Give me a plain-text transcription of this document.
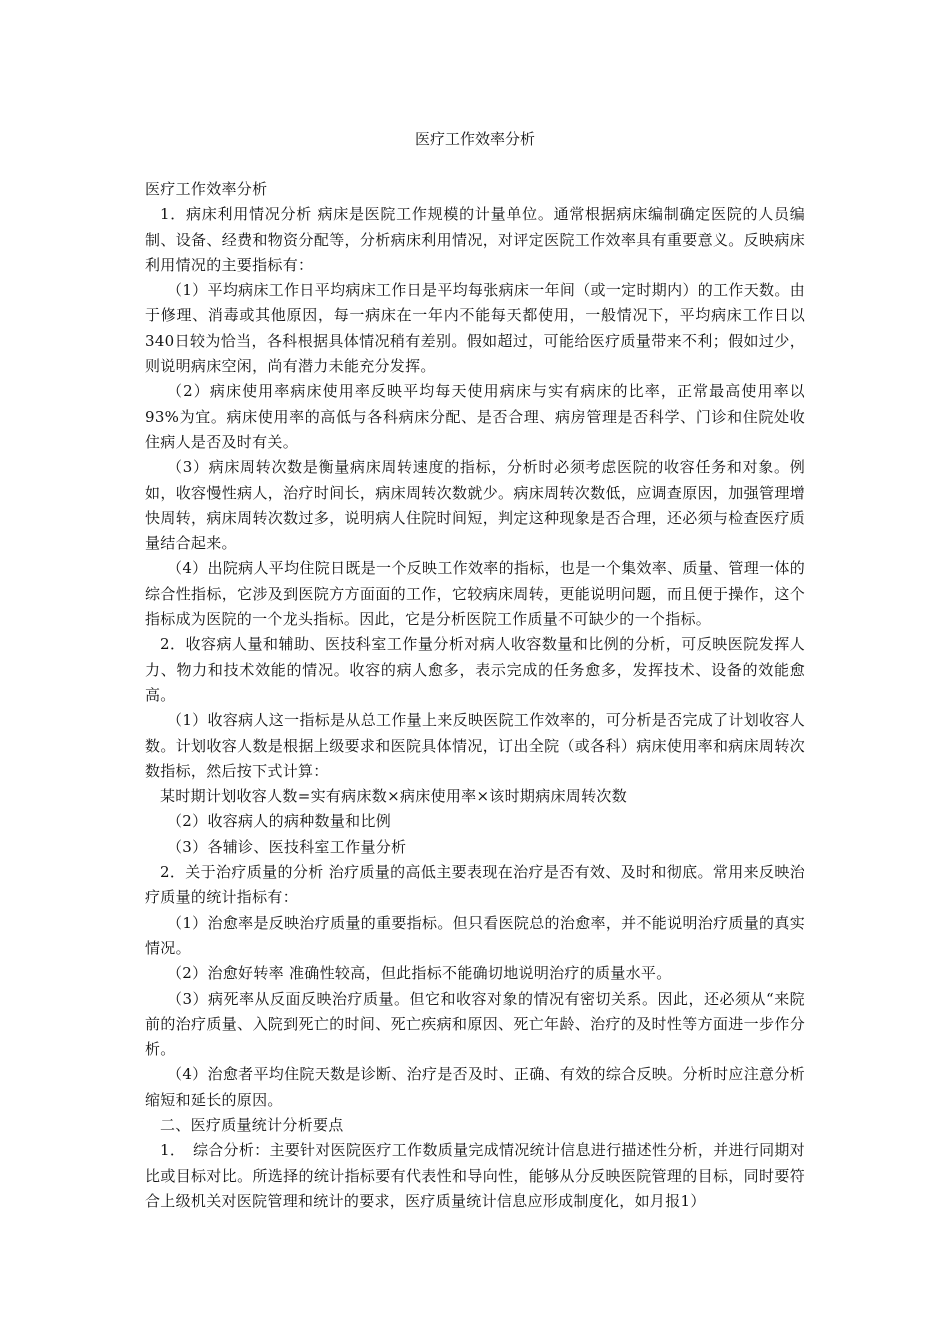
医疗工作效率分析

医疗工作效率分析

1．病床利用情况分析 病床是医院工作规模的计量单位。通常根据病床编制确定医院的人员编制、设备、经费和物资分配等，分析病床利用情况，对评定医院工作效率具有重要意义。反映病床利用情况的主要指标有：

（1）平均病床工作日平均病床工作日是平均每张病床一年间（或一定时期内）的工作天数。由于修理、消毒或其他原因，每一病床在一年内不能每天都使用，一般情况下，平均病床工作日以340日较为恰当，各科根据具体情况稍有差别。假如超过，可能给医疗质量带来不利；假如过少，则说明病床空闲，尚有潜力未能充分发挥。

（2）病床使用率病床使用率反映平均每天使用病床与实有病床的比率，正常最高使用率以93%为宜。病床使用率的高低与各科病床分配、是否合理、病房管理是否科学、门诊和住院处收住病人是否及时有关。

（3）病床周转次数是衡量病床周转速度的指标，分析时必须考虑医院的收容任务和对象。例如，收容慢性病人，治疗时间长，病床周转次数就少。病床周转次数低，应调查原因，加强管理增快周转，病床周转次数过多，说明病人住院时间短，判定这种现象是否合理，还必须与检查医疗质量结合起来。

（4）出院病人平均住院日既是一个反映工作效率的指标，也是一个集效率、质量、管理一体的综合性指标，它涉及到医院方方面面的工作，它较病床周转，更能说明问题，而且便于操作，这个指标成为医院的一个龙头指标。因此，它是分析医院工作质量不可缺少的一个指标。

2．收容病人量和辅助、医技科室工作量分析对病人收容数量和比例的分析，可反映医院发挥人力、物力和技术效能的情况。收容的病人愈多，表示完成的任务愈多，发挥技术、设备的效能愈高。

（1）收容病人这一指标是从总工作量上来反映医院工作效率的，可分析是否完成了计划收容人数。计划收容人数是根据上级要求和医院具体情况，订出全院（或各科）病床使用率和病床周转次数指标，然后按下式计算：

某时期计划收容人数=实有病床数×病床使用率×该时期病床周转次数

（2）收容病人的病种数量和比例

（3）各辅诊、医技科室工作量分析

2．关于治疗质量的分析 治疗质量的高低主要表现在治疗是否有效、及时和彻底。常用来反映治疗质量的统计指标有：

（1）治愈率是反映治疗质量的重要指标。但只看医院总的治愈率，并不能说明治疗质量的真实情况。

（2）治愈好转率 准确性较高，但此指标不能确切地说明治疗的质量水平。

（3）病死率从反面反映治疗质量。但它和收容对象的情况有密切关系。因此，还必须从“来院前的治疗质量、入院到死亡的时间、死亡疾病和原因、死亡年龄、治疗的及时性等方面进一步作分析。

（4）治愈者平均住院天数是诊断、治疗是否及时、正确、有效的综合反映。分析时应注意分析缩短和延长的原因。

二、医疗质量统计分析要点

1．　综合分析：主要针对医院医疗工作数质量完成情况统计信息进行描述性分析，并进行同期对比或目标对比。所选择的统计指标要有代表性和导向性，能够从分反映医院管理的目标，同时要符合上级机关对医院管理和统计的要求，医疗质量统计信息应形成制度化，如月报1）
